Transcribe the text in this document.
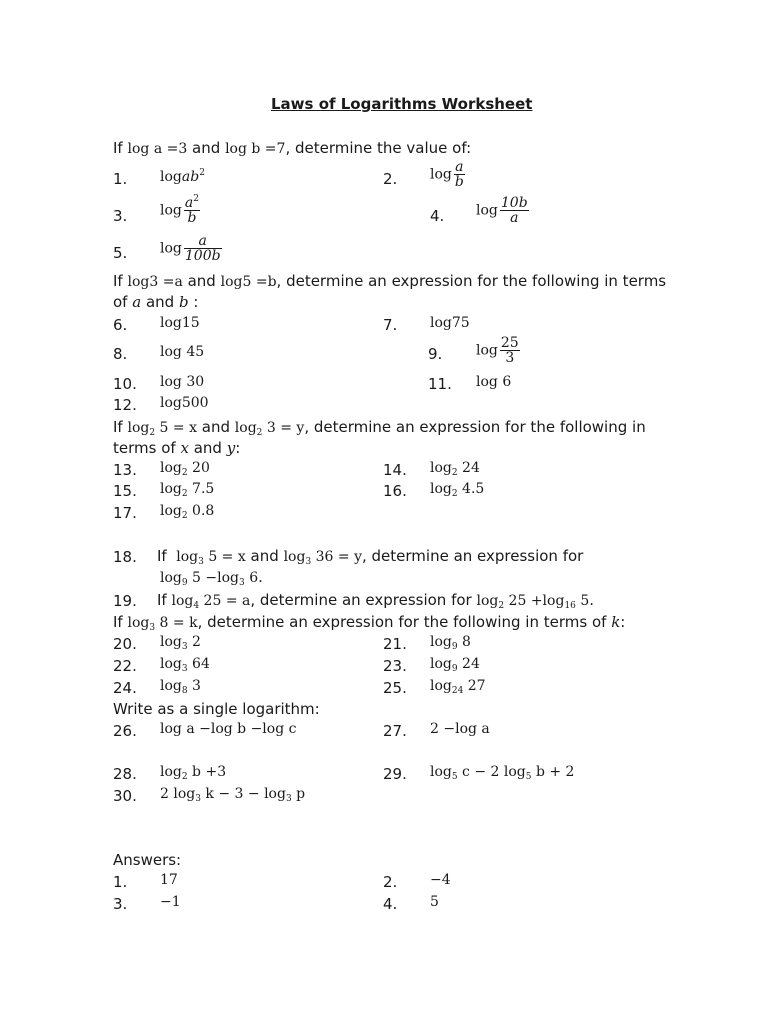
Laws of Logarithms Worksheet
If log a =3 and log b =7, determine the value of:
1. logab$^2$	2. $\log \frac{a}{b}$
3. $\log \frac{a^2}{b}$	4. $\log \frac{10b}{a}$
5. $\log \frac{a}{100b}$
If log3 =a and log5 =b, determine an expression for the following in terms
of a and b :
6. log15	7. log75
8. log 45	9. $\log \frac{25}{3}$
10. log 30	11. log 6
12. log500
If $\log_2 5 = x$ and $\log_2 3 = y$, determine an expression for the following in
terms of x and y:
13. $\log_2 20$	14. $\log_2 24$
15. $\log_2 7.5$	16. $\log_2 4.5$
17. $\log_2 0.8$
18. If $\log_3 5 = x$ and $\log_3 36 = y$, determine an expression for
$\log_9 5 -\log_3$ 6.
19. If $\log_4 25 = a$, determine an expression for $\log_2 25 +\log_{16}$ 5.
If $\log_3 8 = k$, determine an expression for the following in terms of k:
20. $\log_3 2$	21. $\log_9 8$
22. $\log_3 64$	23. $\log_9 24$
24. $\log_8 3$	25. $\log_{24} 27$
Write as a single logarithm:
26. log a −log b −log c	27. 2 −log a
28. $\log_2 b +3$	29. $\log_5 c - 2$ $\log_5 b + 2$
30. 2 $\log_3 k - 3 - \log_3 p$
Answers:
1. 17	2. −4
3. −1	4. 5
